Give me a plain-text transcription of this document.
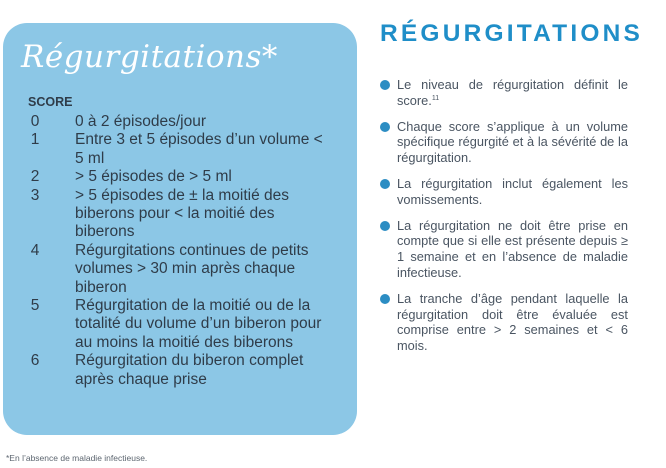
Régurgitations*
SCORE
0	0 à 2 épisodes/jour
1	Entre 3 et 5 épisodes d’un volume < 5 ml
2	> 5 épisodes de > 5 ml
3	> 5 épisodes de ± la moitié des biberons pour < la moitié des biberons
4	Régurgitations continues de petits volumes > 30 min après chaque biberon
5	Régurgitation de la moitié ou de la totalité du volume d’un biberon pour au moins la moitié des biberons
6	Régurgitation du biberon complet après chaque prise
RÉGURGITATIONS
Le niveau de régurgitation définit le score.$^{11}$
Chaque score s’applique à un volume spécifique régurgité et à la sévérité de la régurgitation.
La régurgitation inclut également les vomissements.
La régurgitation ne doit être prise en compte que si elle est présente depuis ≥ 1 semaine et en l’absence de maladie infectieuse.
La tranche d’âge pendant laquelle la régurgitation doit être évaluée est comprise entre > 2 semaines et < 6 mois.
*En l’absence de maladie infectieuse.
